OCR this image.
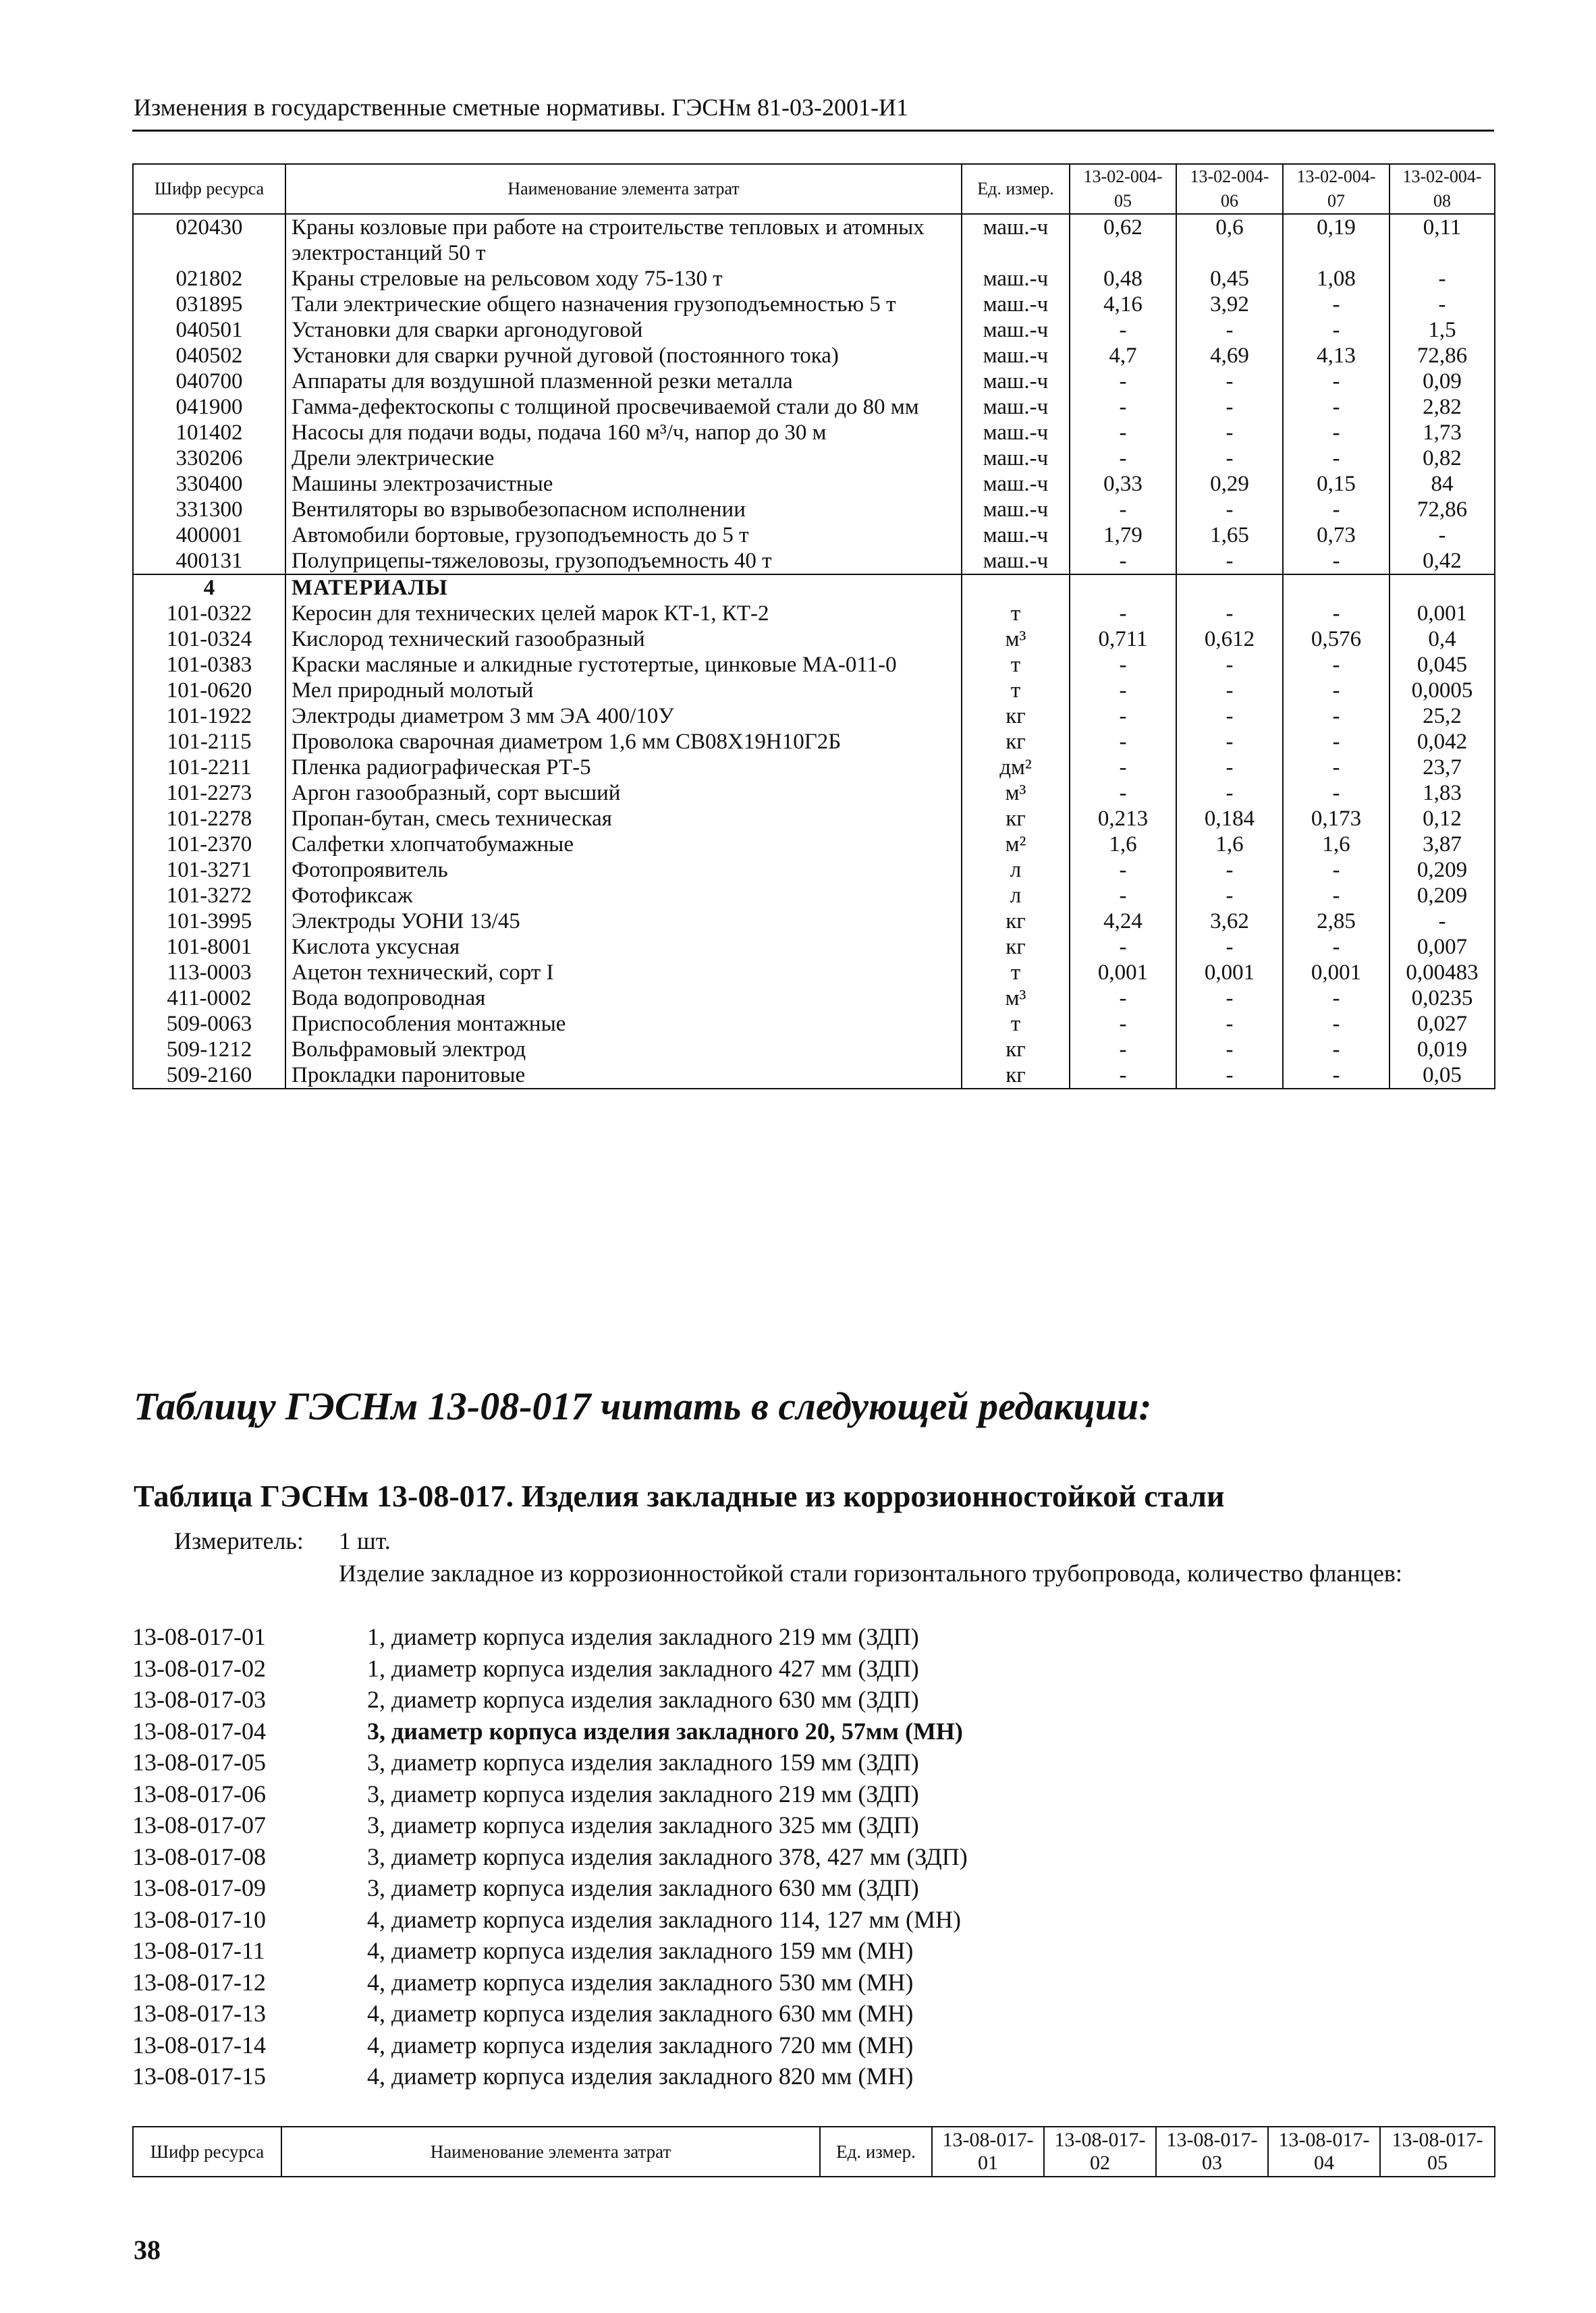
Изменения в государственные сметные нормативы. ГЭСНм 81-03-2001-И1
Шифр ресурса	Наименование элемента затрат	Ед. измер.	13-02-004-05	13-02-004-06	13-02-004-07	13-02-004-08
020430	Краны козловые при работе на строительстве тепловых и атомных электростанций 50 т	маш.-ч	0,62	0,6	0,19	0,11
021802	Краны стреловые на рельсовом ходу 75-130 т	маш.-ч	0,48	0,45	1,08	-
031895	Тали электрические общего назначения грузоподъемностью 5 т	маш.-ч	4,16	3,92	-	-
040501	Установки для сварки аргонодуговой	маш.-ч	-	-	-	1,5
040502	Установки для сварки ручной дуговой (постоянного тока)	маш.-ч	4,7	4,69	4,13	72,86
040700	Аппараты для воздушной плазменной резки металла	маш.-ч	-	-	-	0,09
041900	Гамма-дефектоскопы с толщиной просвечиваемой стали до 80 мм	маш.-ч	-	-	-	2,82
101402	Насосы для подачи воды, подача 160 м³/ч, напор до 30 м	маш.-ч	-	-	-	1,73
330206	Дрели электрические	маш.-ч	-	-	-	0,82
330400	Машины электрозачистные	маш.-ч	0,33	0,29	0,15	84
331300	Вентиляторы во взрывобезопасном исполнении	маш.-ч	-	-	-	72,86
400001	Автомобили бортовые, грузоподъемность до 5 т	маш.-ч	1,79	1,65	0,73	-
400131	Полуприцепы-тяжеловозы, грузоподъемность 40 т	маш.-ч	-	-	-	0,42
4	МАТЕРИАЛЫ					
101-0322	Керосин для технических целей марок КТ-1, КТ-2	т	-	-	-	0,001
101-0324	Кислород технический газообразный	м³	0,711	0,612	0,576	0,4
101-0383	Краски масляные и алкидные густотертые, цинковые МА-011-0	т	-	-	-	0,045
101-0620	Мел природный молотый	т	-	-	-	0,0005
101-1922	Электроды диаметром 3 мм ЭА 400/10У	кг	-	-	-	25,2
101-2115	Проволока сварочная диаметром 1,6 мм СВ08Х19Н10Г2Б	кг	-	-	-	0,042
101-2211	Пленка радиографическая РТ-5	дм²	-	-	-	23,7
101-2273	Аргон газообразный, сорт высший	м³	-	-	-	1,83
101-2278	Пропан-бутан, смесь техническая	кг	0,213	0,184	0,173	0,12
101-2370	Салфетки хлопчатобумажные	м²	1,6	1,6	1,6	3,87
101-3271	Фотопроявитель	л	-	-	-	0,209
101-3272	Фотофиксаж	л	-	-	-	0,209
101-3995	Электроды УОНИ 13/45	кг	4,24	3,62	2,85	-
101-8001	Кислота уксусная	кг	-	-	-	0,007
113-0003	Ацетон технический, сорт I	т	0,001	0,001	0,001	0,00483
411-0002	Вода водопроводная	м³	-	-	-	0,0235
509-0063	Приспособления монтажные	т	-	-	-	0,027
509-1212	Вольфрамовый электрод	кг	-	-	-	0,019
509-2160	Прокладки паронитовые	кг	-	-	-	0,05
Таблицу ГЭСНм 13-08-017 читать в следующей редакции:
Таблица ГЭСНм 13-08-017. Изделия закладные из коррозионностойкой стали
Измеритель: 1 шт.
Изделие закладное из коррозионностойкой стали горизонтального трубопровода, количество фланцев:
13-08-017-01	1, диаметр корпуса изделия закладного 219 мм (ЗДП)
13-08-017-02	1, диаметр корпуса изделия закладного 427 мм (ЗДП)
13-08-017-03	2, диаметр корпуса изделия закладного 630 мм (ЗДП)
13-08-017-04	3, диаметр корпуса изделия закладного 20, 57мм (МН)
13-08-017-05	3, диаметр корпуса изделия закладного 159 мм (ЗДП)
13-08-017-06	3, диаметр корпуса изделия закладного 219 мм (ЗДП)
13-08-017-07	3, диаметр корпуса изделия закладного 325 мм (ЗДП)
13-08-017-08	3, диаметр корпуса изделия закладного 378, 427 мм (ЗДП)
13-08-017-09	3, диаметр корпуса изделия закладного 630 мм (ЗДП)
13-08-017-10	4, диаметр корпуса изделия закладного 114, 127 мм (МН)
13-08-017-11	4, диаметр корпуса изделия закладного 159 мм (МН)
13-08-017-12	4, диаметр корпуса изделия закладного 530 мм (МН)
13-08-017-13	4, диаметр корпуса изделия закладного 630 мм (МН)
13-08-017-14	4, диаметр корпуса изделия закладного 720 мм (МН)
13-08-017-15	4, диаметр корпуса изделия закладного 820 мм (МН)
Шифр ресурса	Наименование элемента затрат	Ед. измер.	13-08-017-01	13-08-017-02	13-08-017-03	13-08-017-04	13-08-017-05
38
